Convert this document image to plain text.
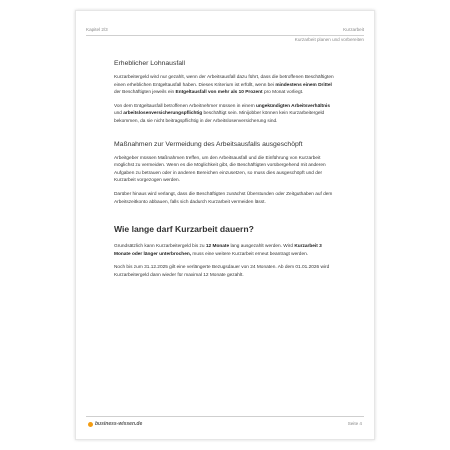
Kapitel 2/3	Kurzarbeit
Kurzarbeit planen und vorbereiten
Erheblicher Lohnausfall

Kurzarbeitergeld wird nur gezahlt, wenn der Arbeitsausfall dazu führt, dass die betroffenen Beschäftigten einen erheblichen Entgeltausfall haben. Dieses Kriterium ist erfüllt, wenn bei mindestens einem Drittel der Beschäftigten jeweils ein Entgeltausfall von mehr als 10 Prozent pro Monat vorliegt.

Von dem Entgeltausfall betroffenen Arbeitnehmer müssen in einem ungekündigten Arbeitsverhältnis und arbeitslosenversicherungspflichtig beschäftigt sein. Minijobber können kein Kurzarbeitergeld bekommen, da sie nicht beitragspflichtig in der Arbeitslosenversicherung sind.

Maßnahmen zur Vermeidung des Arbeitsausfalls ausgeschöpft

Arbeitgeber müssen Maßnahmen treffen, um den Arbeitsausfall und die Einführung von Kurzarbeit möglichst zu vermeiden. Wenn es die Möglichkeit gibt, die Beschäftigten vorübergehend mit anderen Aufgaben zu betrauen oder in anderen Bereichen einzusetzen, so muss dies ausgeschöpft und der Kurzarbeit vorgezogen werden.

Darüber hinaus wird verlangt, dass die Beschäftigten zunächst Überstunden oder Zeitguthaben auf dem Arbeitszeitkonto abbauen, falls sich dadurch Kurzarbeit vermeiden lässt.

Wie lange darf Kurzarbeit dauern?

Grundsätzlich kann Kurzarbeitergeld bis zu 12 Monate lang ausgezahlt werden. Wird Kurzarbeit 3 Monate oder länger unterbrochen, muss eine weitere Kurzarbeit erneut beantragt werden.

Noch bis zum 31.12.2025 gilt eine verlängerte Bezugsdauer von 24 Monaten. Ab dem 01.01.2026 wird Kurzarbeitergeld dann wieder für maximal 12 Monate gezahlt.

business-wissen.de	Seite 4
